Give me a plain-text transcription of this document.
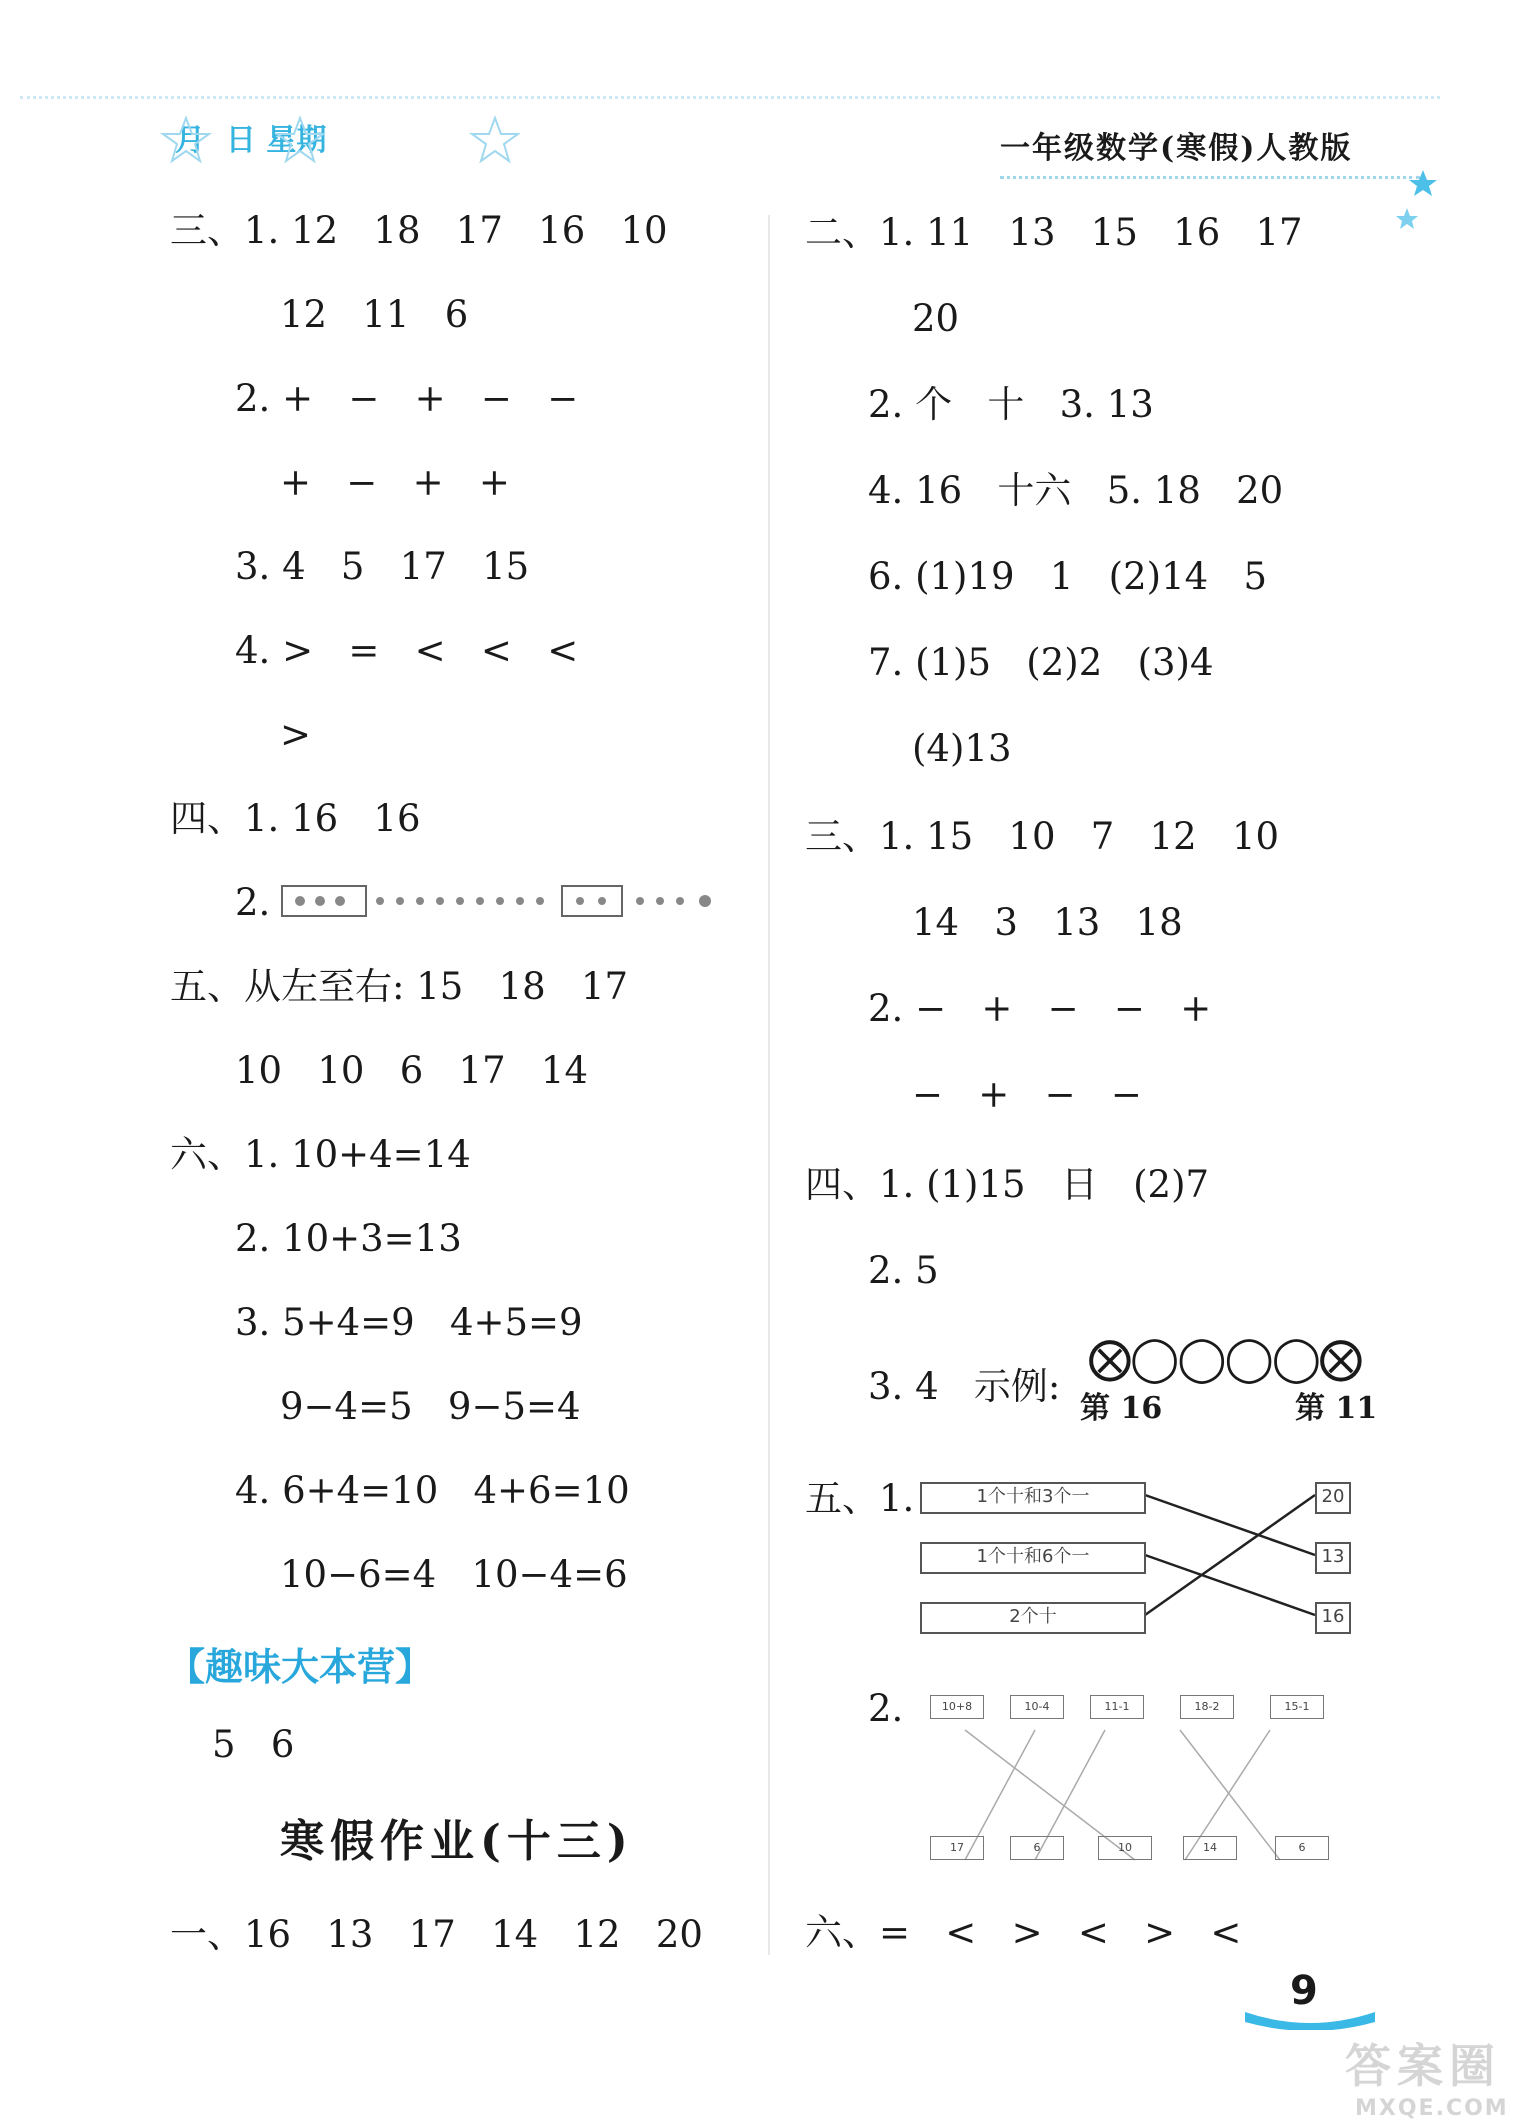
月  日 星期	一年级数学(寒假)人教版
三、1. 12   18   17   16   10
12   11   6
2. +   −   +   −   −
+   −   +   +
3. 4   5   17   15
4. >   =   <   <   <
>
四、1. 16   16
2.
五、从左至右: 15   18   17
10   10   6   17   14
六、1. 10+4=14
2. 10+3=13
3. 5+4=9   4+5=9
9−4=5   9−5=4
4. 6+4=10   4+6=10
10−6=4   10−4=6
【趣味大本营】
5   6
寒假作业(十三)
一、16   13   17   14   12   20
二、1. 11   13   15   16   17
20
2. 个   十   3. 13
4. 16   十六   5. 18   20
6. (1)19   1   (2)14   5
7. (1)5   (2)2   (3)4
(4)13
三、1. 15   10   7   12   10
14   3   13   18
2. −   +   −   −   +
−   +   −   −
四、1. (1)15   日   (2)7
2. 5
3. 4   示例:
⨂◯◯◯◯⨂
第 16	第 11
五、1.	1个十和3个一
1个十和6个一
2个十
20
13
16
2.	10+8	10-4	11-1	18-2	15-1
17	6	10	14	6
六、=   <   >   <   >   <
9
答案圈
MXQE.COM
